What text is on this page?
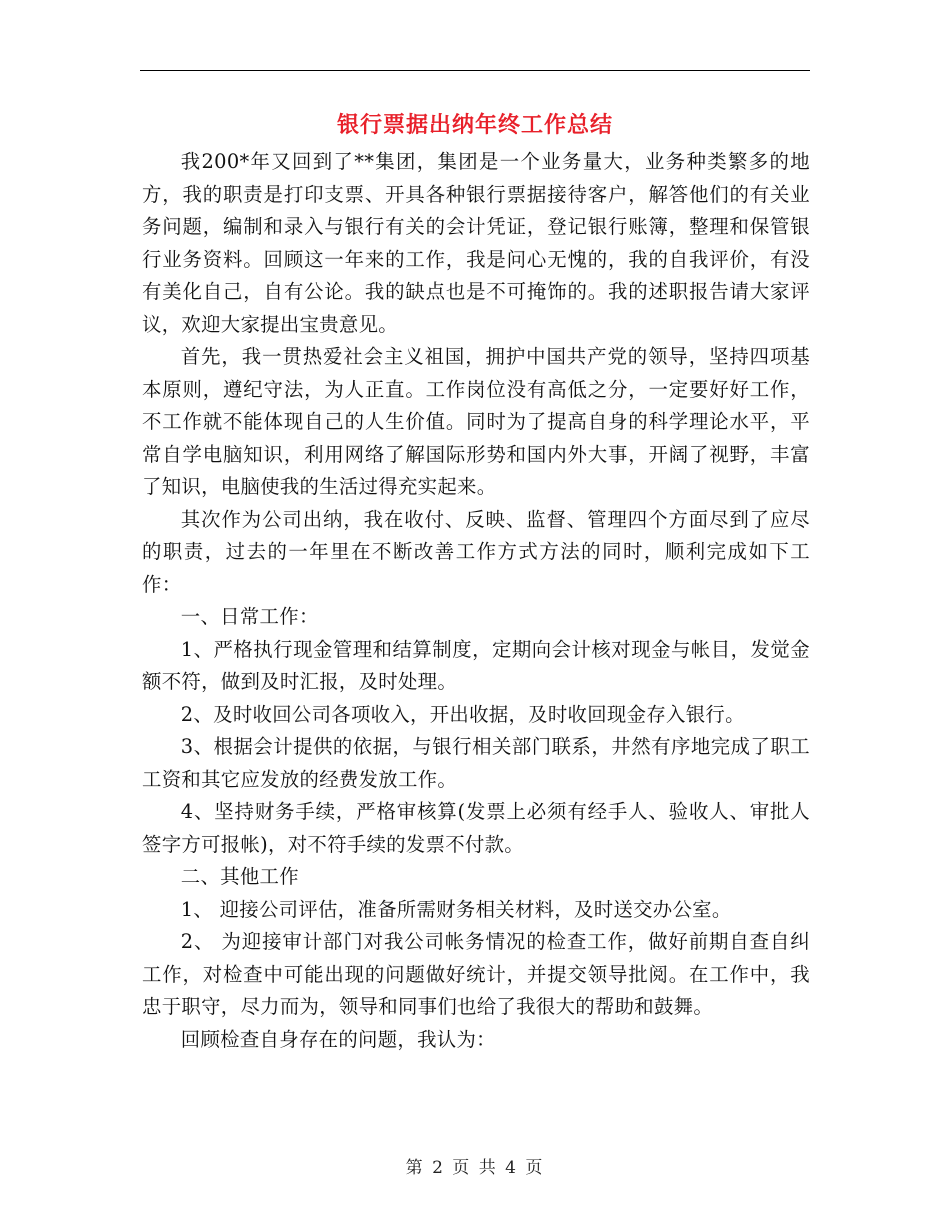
银行票据出纳年终工作总结

我200*年又回到了**集团，集团是一个业务量大，业务种类繁多的地方，我的职责是打印支票、开具各种银行票据接待客户，解答他们的有关业务问题，编制和录入与银行有关的会计凭证，登记银行账簿，整理和保管银行业务资料。回顾这一年来的工作，我是问心无愧的，我的自我评价，有没有美化自己，自有公论。我的缺点也是不可掩饰的。我的述职报告请大家评议，欢迎大家提出宝贵意见。

首先，我一贯热爱社会主义祖国，拥护中国共产党的领导，坚持四项基本原则，遵纪守法，为人正直。工作岗位没有高低之分，一定要好好工作，不工作就不能体现自己的人生价值。同时为了提高自身的科学理论水平，平常自学电脑知识，利用网络了解国际形势和国内外大事，开阔了视野，丰富了知识，电脑使我的生活过得充实起来。

其次作为公司出纳，我在收付、反映、监督、管理四个方面尽到了应尽的职责，过去的一年里在不断改善工作方式方法的同时，顺利完成如下工作：

一、日常工作：

1、严格执行现金管理和结算制度，定期向会计核对现金与帐目，发觉金额不符，做到及时汇报，及时处理。

2、及时收回公司各项收入，开出收据，及时收回现金存入银行。

3、根据会计提供的依据，与银行相关部门联系，井然有序地完成了职工工资和其它应发放的经费发放工作。

4、坚持财务手续，严格审核算(发票上必须有经手人、验收人、审批人签字方可报帐)，对不符手续的发票不付款。

二、其他工作

1、 迎接公司评估，准备所需财务相关材料，及时送交办公室。

2、 为迎接审计部门对我公司帐务情况的检查工作，做好前期自查自纠工作，对检查中可能出现的问题做好统计，并提交领导批阅。在工作中，我忠于职守，尽力而为，领导和同事们也给了我很大的帮助和鼓舞。

回顾检查自身存在的问题，我认为：

第 2 页 共 4 页
